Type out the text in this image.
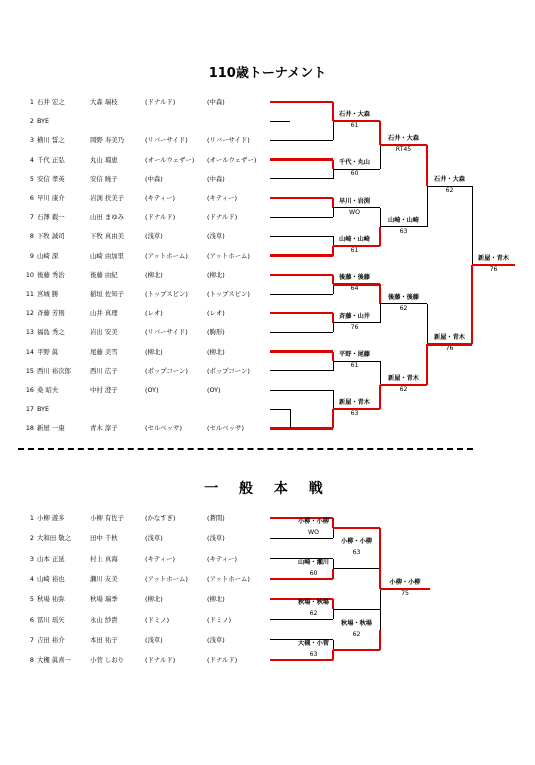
110歳トーナメント
1 石井 宏之	大森 瑞枝	(ドナルド)	(中森)
2 BYE
3 横川 誓之	岡野 寿美乃	(リバーサイド)	(リバーサイド)
4 千代 正弘	丸山 瑠恵	(オールウェザー) (オールウェザー)
5 安信 孝英	安信 暁子	(中森)	(中森)
6 早川 康介	岩渕 扶美子	(キティー)	(キティー)
7 石澤 毅一	山田 まゆみ	(ドナルド)	(ドナルド)
8 下牧 誠司	下牧 真由美	(浅草)	(浅草)
9 山崎 深	山崎 由加里	(アットホーム)	(アットホーム)
10 後藤 秀治	後藤 由紀	(柳北)	(柳北)
11 宮城 勝	稲垣 佐知子	(トップスピン)	(トップスピン)
12 斉藤 芳則	山井 真理	(レオ)	(レオ)
13 福島 秀之	岩出 安美	(リバーサイド)	(駒形)
14 平野 眞	尾藤 美雪	(柳北)	(柳北)
15 西川 裕次郎	西川 広子	(ポップコーン)	(ポップコーン)
16 桑 昭夫	中村 澄子	(OY)	(OY)
17 BYE
18 新屋 一康	青木 淳子	(セルベッサ)	(セルベッサ)
石井・大森
61
千代・丸山
60
早川・岩渕
WO
山崎・山崎
61
後藤・後藤
64
斉藤・山井
76
平野・尾藤
61
新屋・青木
63
石井・大森
RT45
山崎・山崎
63
後藤・後藤
62
新屋・青木
62
石井・大森
62
新屋・青木
76
新屋・青木
76
一 般 本 戦
1 小柳 遊多	小柳 有佐子	(かなすぎ)	(蒼間)
2 大和田 敬之	田中 千秋	(浅草)	(浅草)
3 山本 正延	村上 真海	(キティー)	(キティー)
4 山崎 裕也	瀬川 友美	(アットホーム)	(アットホーム)
5 秋場 祐弥	秋場 瑞季	(柳北)	(柳北)
6 冨川 瑶矢	永山 紗貴	(ドミノ)	(ドミノ)
7 吉田 裕介	本田 祐子	(浅草)	(浅草)
8 大槻 眞喜一	小菅 しおり	(ドナルド)	(ドナルド)
小柳・小柳
WO
山崎・瀬川
60
秋場・秋場
62
大槻・小菅
63
小柳・小柳
63
秋場・秋場
62
小柳・小柳
75
